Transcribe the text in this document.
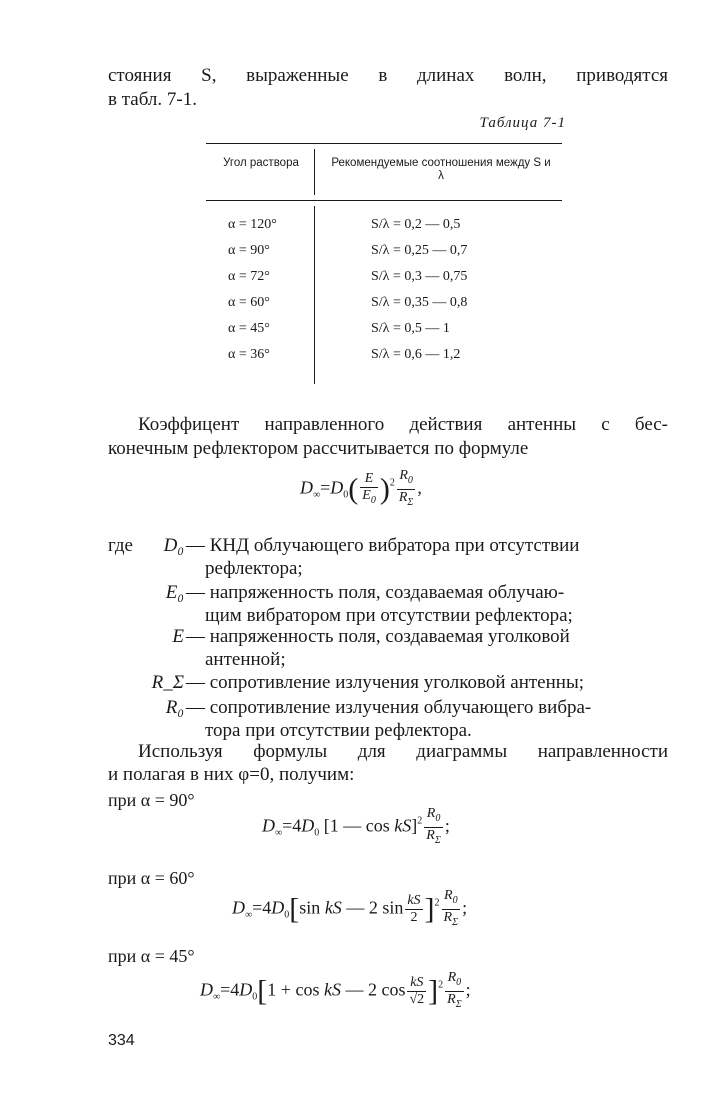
стояния S, выраженные в длинах волн, приводятся
в табл. 7-1.
Таблица 7-1
Угол раствора	Рекомендуемые соотношения между S и λ
α = 120°	S/λ = 0,2 — 0,5
α = 90°	S/λ = 0,25 — 0,7
α = 72°	S/λ = 0,3 — 0,75
α = 60°	S/λ = 0,35 — 0,8
α = 45°	S/λ = 0,5 — 1
α = 36°	S/λ = 0,6 — 1,2
Коэффицент направленного действия антенны с бес-
конечным рефлектором рассчитывается по формуле
$D_\infty=D_0( \frac{E}{E_0} )^2 \frac{R_0}{R_\Sigma}$ ,
где	D₀ — КНД облучающего вибратора при отсутствии
рефлектора;
E₀ — напряженность поля, создаваемая облучаю-
щим вибратором при отсутствии рефлектора;
E — напряженность поля, создаваемая уголковой
антенной;
R_Σ — сопротивление излучения уголковой антенны;
R₀ — сопротивление излучения облучающего вибра-
тора при отсутствии рефлектора.
Используя формулы для диаграммы направленности
и полагая в них φ=0, получим:
при α = 90°
$D_\infty=4D_0$ [1 — $\cos kS]^2 \frac{R_0}{R_\Sigma}$ ;
при α = 60°
$D_\infty=4D_0[\sin$ kS — 2 $\sin \frac{kS}{2} ]^2 \frac{R_0}{R_\Sigma}$ ;
при α = 45°
$D_\infty=4D_0[1 + \cos$ kS — 2 $\cos \frac{kS}{√2} ]^2 \frac{R_0}{R_\Sigma}$ ;
334
